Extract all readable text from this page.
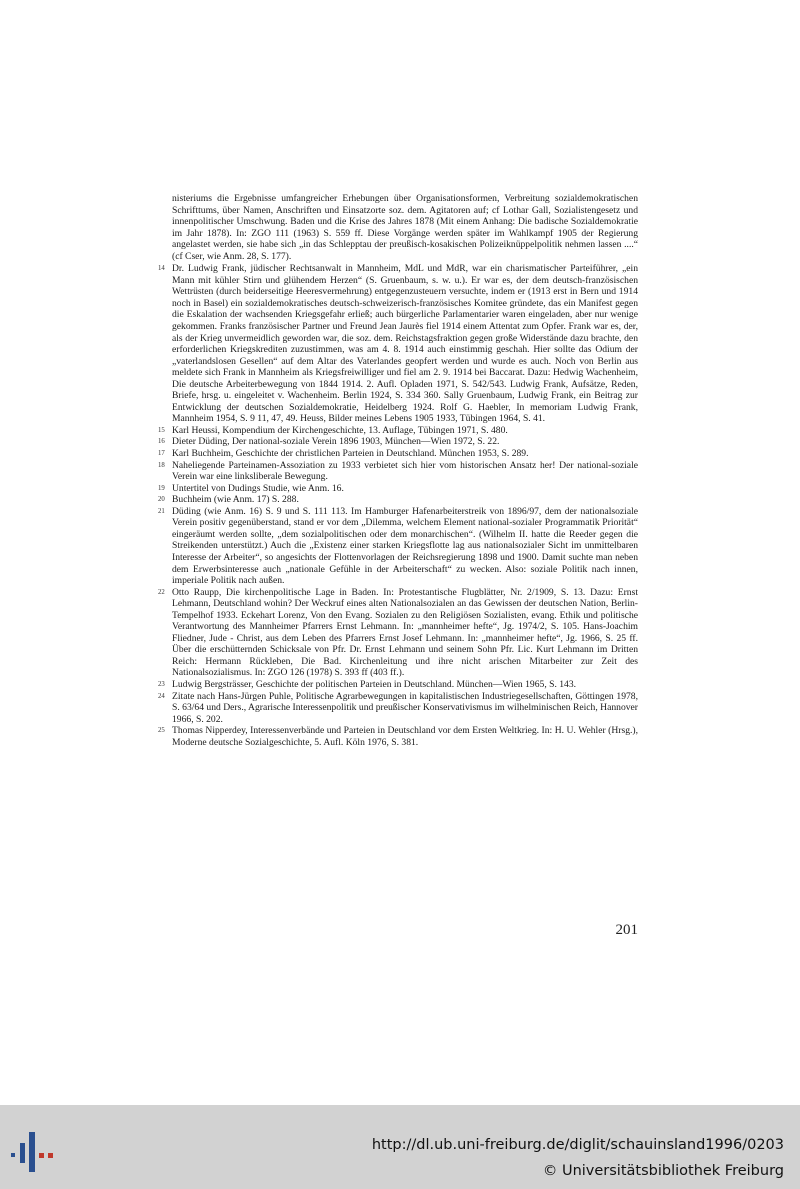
nisteriums die Ergebnisse umfangreicher Erhebungen über Organisationsformen, Verbreitung sozialdemokratischen Schrifttums, über Namen, Anschriften und Einsatzorte soz. dem. Agitatoren auf; cf Lothar Gall, Sozialistengesetz und innenpolitischer Umschwung. Baden und die Krise des Jahres 1878 (Mit einem Anhang: Die badische Sozialdemokratie im Jahr 1878). In: ZGO 111 (1963) S. 559 ff. Diese Vorgänge werden später im Wahlkampf 1905 der Regierung angelastet werden, sie habe sich „in das Schlepptau der preußisch-kosakischen Polizeiknüppelpolitik nehmen lassen ....“ (cf Cser, wie Anm. 28, S. 177).

14 Dr. Ludwig Frank, jüdischer Rechtsanwalt in Mannheim, MdL und MdR, war ein charismatischer Parteiführer, „ein Mann mit kühler Stirn und glühendem Herzen“ (S. Gruenbaum, s. w. u.). Er war es, der dem deutsch-französischen Wettrüsten (durch beiderseitige Heeresvermehrung) entgegenzusteuern versuchte, indem er (1913 erst in Bern und 1914 noch in Basel) ein sozialdemokratisches deutsch-schweizerisch-französisches Komitee gründete, das ein Manifest gegen die Eskalation der wachsenden Kriegsgefahr erließ; auch bürgerliche Parlamentarier waren eingeladen, aber nur wenige gekommen. Franks französischer Partner und Freund Jean Jaurès fiel 1914 einem Attentat zum Opfer. Frank war es, der, als der Krieg unvermeidlich geworden war, die soz. dem. Reichstagsfraktion gegen große Widerstände dazu brachte, den erforderlichen Kriegskrediten zuzustimmen, was am 4. 8. 1914 auch einstimmig geschah. Hier sollte das Odium der „vaterlandslosen Gesellen“ auf dem Altar des Vaterlandes geopfert werden und wurde es auch. Noch von Berlin aus meldete sich Frank in Mannheim als Kriegsfreiwilliger und fiel am 2. 9. 1914 bei Baccarat. Dazu: Hedwig Wachenheim, Die deutsche Arbeiterbewegung von 1844 1914. 2. Aufl. Opladen 1971, S. 542/543. Ludwig Frank, Aufsätze, Reden, Briefe, hrsg. u. eingeleitet v. Wachenheim. Berlin 1924, S. 334 360. Sally Gruenbaum, Ludwig Frank, ein Beitrag zur Entwicklung der deutschen Sozialdemokratie, Heidelberg 1924. Rolf G. Haebler, In memoriam Ludwig Frank, Mannheim 1954, S. 9 11, 47, 49. Heuss, Bilder meines Lebens 1905 1933, Tübingen 1964, S. 41.
15 Karl Heussi, Kompendium der Kirchengeschichte, 13. Auflage, Tübingen 1971, S. 480.
16 Dieter Düding, Der national-soziale Verein 1896 1903, München—Wien 1972, S. 22.
17 Karl Buchheim, Geschichte der christlichen Parteien in Deutschland. München 1953, S. 289.
18 Naheliegende Parteinamen-Assoziation zu 1933 verbietet sich hier vom historischen Ansatz her! Der national-soziale Verein war eine linksliberale Bewegung.
19 Untertitel von Dudings Studie, wie Anm. 16.
20 Buchheim (wie Anm. 17) S. 288.
21 Düding (wie Anm. 16) S. 9 und S. 111 113. Im Hamburger Hafenarbeiterstreik von 1896/97, dem der nationalsoziale Verein positiv gegenüberstand, stand er vor dem „Dilemma, welchem Element national-sozialer Programmatik Priorität“ eingeräumt werden sollte, „dem sozialpolitischen oder dem monarchischen“. (Wilhelm II. hatte die Reeder gegen die Streikenden unterstützt.) Auch die „Existenz einer starken Kriegsflotte lag aus nationalsozialer Sicht im unmittelbaren Interesse der Arbeiter“, so angesichts der Flottenvorlagen der Reichsregierung 1898 und 1900. Damit suchte man neben dem Erwerbsinteresse auch „nationale Gefühle in der Arbeiterschaft“ zu wecken. Also: soziale Politik nach innen, imperiale Politik nach außen.
22 Otto Raupp, Die kirchenpolitische Lage in Baden. In: Protestantische Flugblätter, Nr. 2/1909, S. 13. Dazu: Ernst Lehmann, Deutschland wohin? Der Weckruf eines alten Nationalsozialen an das Gewissen der deutschen Nation, Berlin-Tempelhof 1933. Eckehart Lorenz, Von den Evang. Sozialen zu den Religiösen Sozialisten, evang. Ethik und politische Verantwortung des Mannheimer Pfarrers Ernst Lehmann. In: „mannheimer hefte“, Jg. 1974/2, S. 105. Hans-Joachim Fliedner, Jude - Christ, aus dem Leben des Pfarrers Ernst Josef Lehmann. In: „mannheimer hefte“, Jg. 1966, S. 25 ff. Über die erschütternden Schicksale von Pfr. Dr. Ernst Lehmann und seinem Sohn Pfr. Lic. Kurt Lehmann im Dritten Reich: Hermann Rückleben, Die Bad. Kirchenleitung und ihre nicht arischen Mitarbeiter zur Zeit des Nationalsozialismus. In: ZGO 126 (1978) S. 393 ff (403 ff.).
23 Ludwig Bergsträsser, Geschichte der politischen Parteien in Deutschland. München—Wien 1965, S. 143.
24 Zitate nach Hans-Jürgen Puhle, Politische Agrarbewegungen in kapitalistischen Industriegesellschaften, Göttingen 1978, S. 63/64 und Ders., Agrarische Interessenpolitik und preußischer Konservativismus im wilhelminischen Reich, Hannover 1966, S. 202.
25 Thomas Nipperdey, Interessenverbände und Parteien in Deutschland vor dem Ersten Weltkrieg. In: H. U. Wehler (Hrsg.), Moderne deutsche Sozialgeschichte, 5. Aufl. Köln 1976, S. 381.
201
http://dl.ub.uni-freiburg.de/diglit/schauinsland1996/0203
© Universitätsbibliothek Freiburg
